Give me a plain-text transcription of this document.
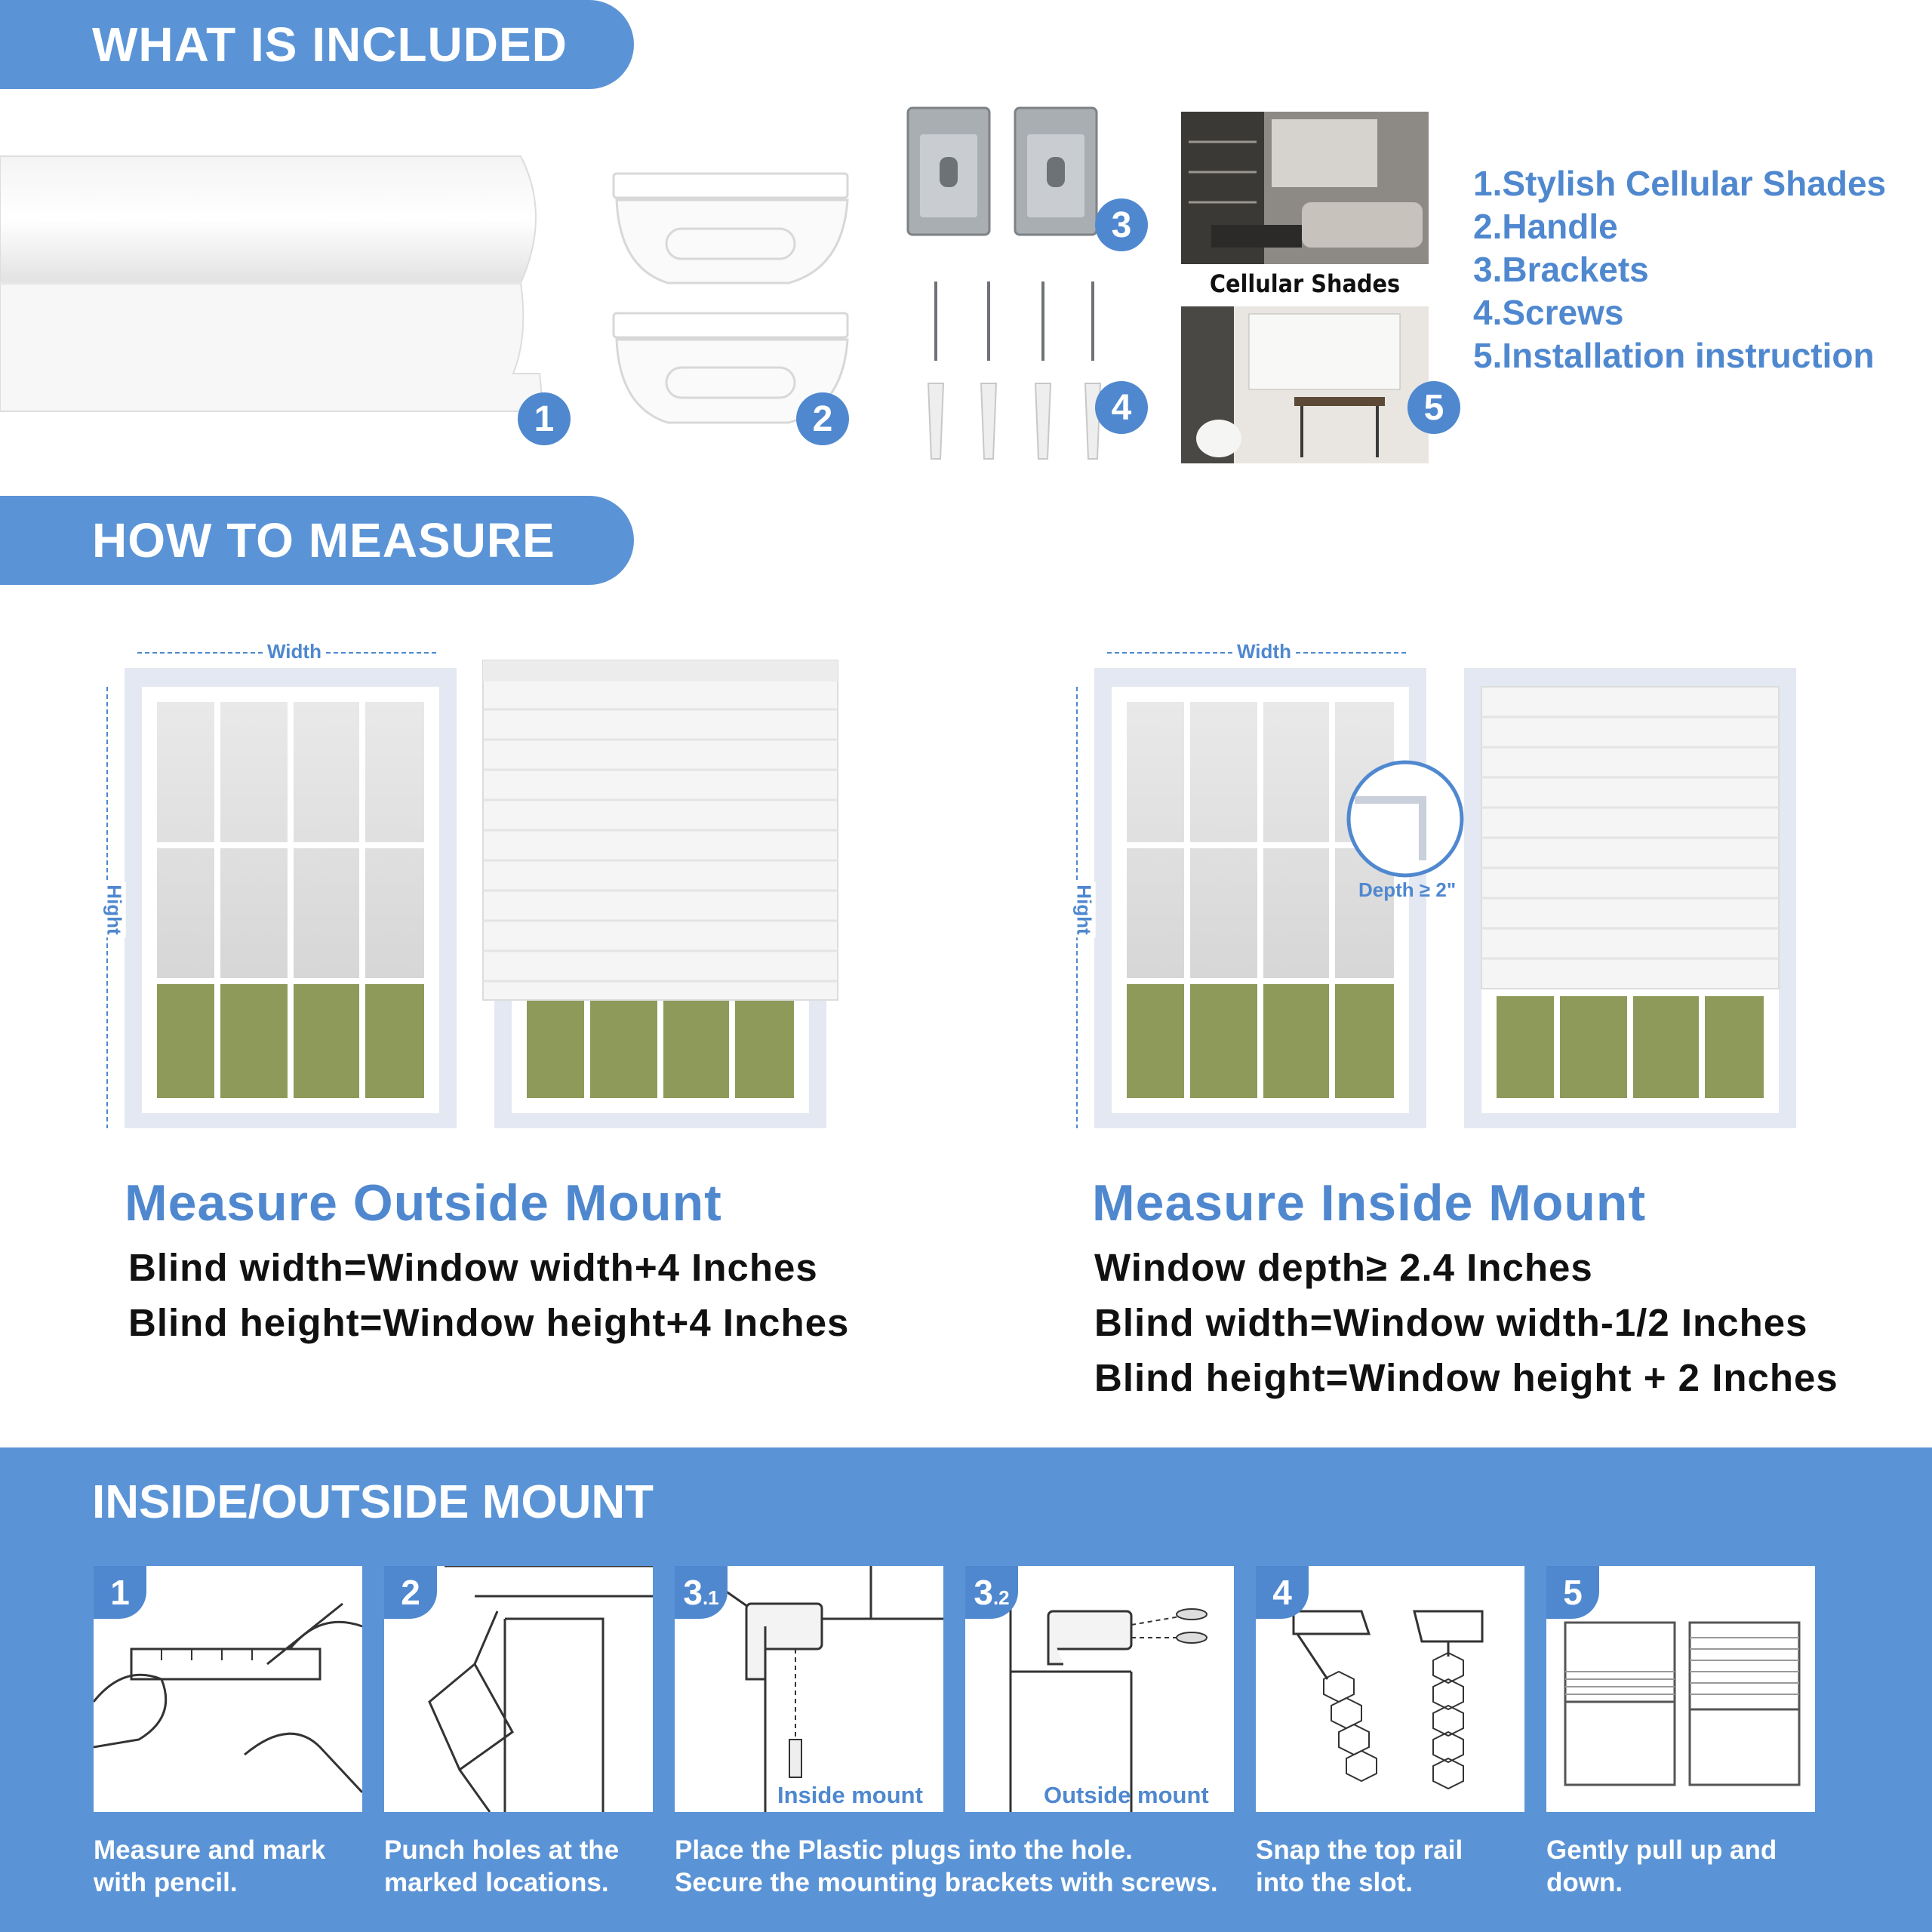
WHAT IS INCLUDED
1	2
3
4
Cellular Shades
5
1.Stylish Cellular Shades
2.Handle
3.Brackets
4.Screws
5.Installation instruction
HOW TO MEASURE
Width
Hight
Width
Hight	Depth ≥ 2"
Measure Outside Mount
Blind width=Window width+4 Inches
Blind height=Window height+4 Inches
Measure Inside Mount
Window depth≥ 2.4 Inches
Blind width=Window width-1/2 Inches
Blind height=Window height + 2 Inches
INSIDE/OUTSIDE MOUNT
1
Measure and mark
with pencil.
2
Punch holes at the
marked locations.
3 .1
Inside mount
3 .2
Outside mount
Place the Plastic plugs into the hole.
Secure the mounting brackets with screws.
4
Snap the top rail
into the slot.
5
Gently pull up and
down.
